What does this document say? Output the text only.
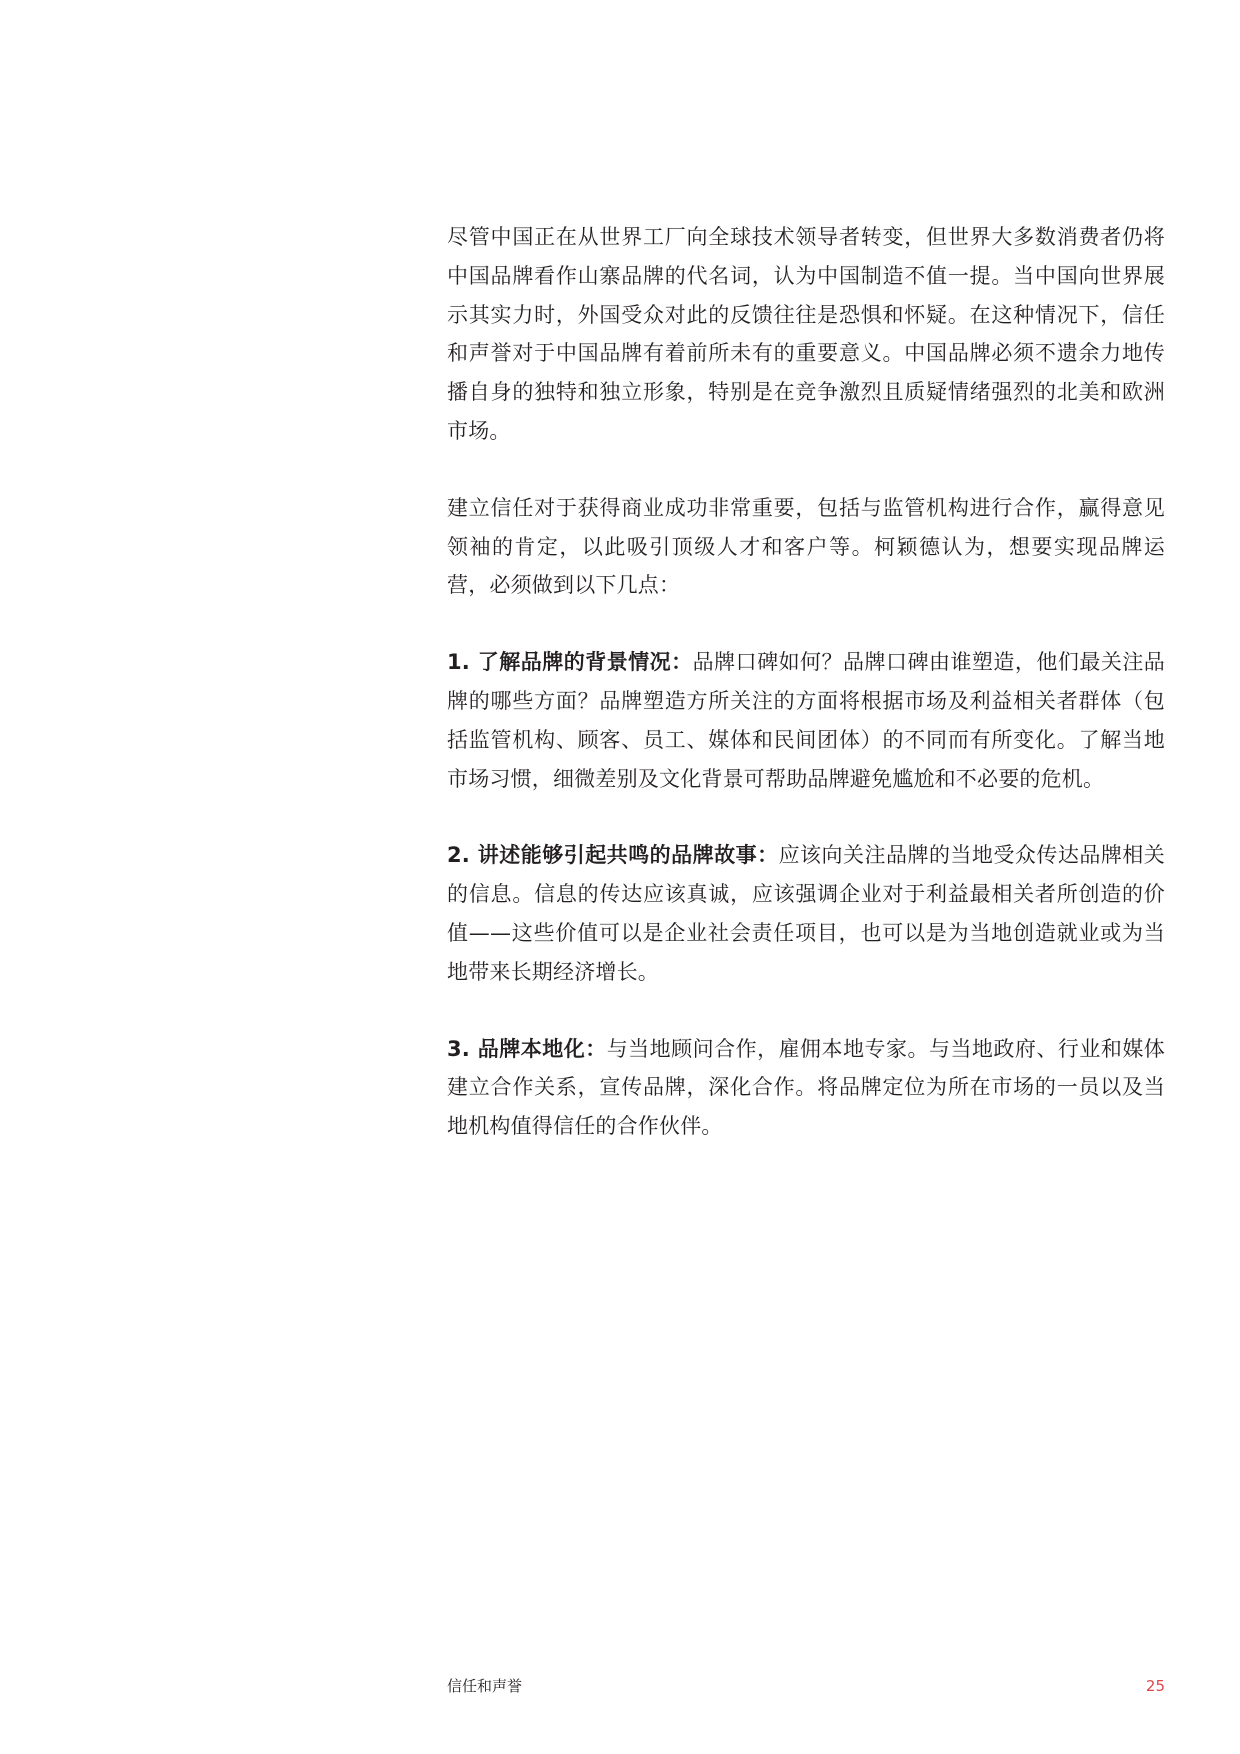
尽管中国正在从世界工厂向全球技术领导者转变，但世界大多数消费者仍将中国品牌看作山寨品牌的代名词，认为中国制造不值一提。当中国向世界展示其实力时，外国受众对此的反馈往往是恐惧和怀疑。在这种情况下，信任和声誉对于中国品牌有着前所未有的重要意义。中国品牌必须不遗余力地传播自身的独特和独立形象，特别是在竞争激烈且质疑情绪强烈的北美和欧洲市场。

建立信任对于获得商业成功非常重要，包括与监管机构进行合作，赢得意见领袖的肯定，以此吸引顶级人才和客户等。柯颖德认为，想要实现品牌运营，必须做到以下几点：

1. 了解品牌的背景情况：品牌口碑如何？品牌口碑由谁塑造，他们最关注品牌的哪些方面？品牌塑造方所关注的方面将根据市场及利益相关者群体（包括监管机构、顾客、员工、媒体和民间团体）的不同而有所变化。了解当地市场习惯，细微差别及文化背景可帮助品牌避免尴尬和不必要的危机。

2. 讲述能够引起共鸣的品牌故事：应该向关注品牌的当地受众传达品牌相关的信息。信息的传达应该真诚，应该强调企业对于利益最相关者所创造的价值——这些价值可以是企业社会责任项目，也可以是为当地创造就业或为当地带来长期经济增长。

3. 品牌本地化：与当地顾问合作，雇佣本地专家。与当地政府、行业和媒体建立合作关系，宣传品牌，深化合作。将品牌定位为所在市场的一员以及当地机构值得信任的合作伙伴。

信任和声誉	25
